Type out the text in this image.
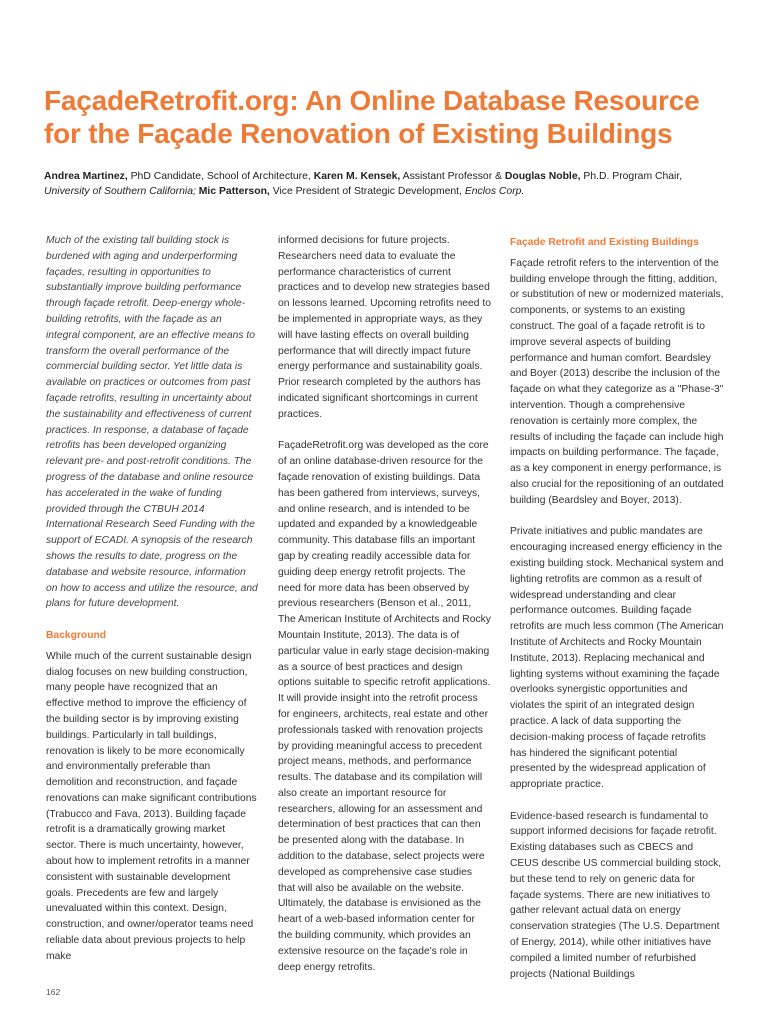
FaçadeRetrofit.org: An Online Database Resource for the Façade Renovation of Existing Buildings
Andrea Martinez, PhD Candidate, School of Architecture, Karen M. Kensek, Assistant Professor & Douglas Noble, Ph.D. Program Chair,
University of Southern California; Mic Patterson, Vice President of Strategic Development, Enclos Corp.

Much of the existing tall building stock is burdened with aging and underperforming façades, resulting in opportunities to substantially improve building performance through façade retrofit. Deep-energy whole-building retrofits, with the façade as an integral component, are an effective means to transform the overall performance of the commercial building sector. Yet little data is available on practices or outcomes from past façade retrofits, resulting in uncertainty about the sustainability and effectiveness of current practices. In response, a database of façade retrofits has been developed organizing relevant pre- and post-retrofit conditions. The progress of the database and online resource has accelerated in the wake of funding provided through the CTBUH 2014 International Research Seed Funding with the support of ECADI. A synopsis of the research shows the results to date, progress on the database and website resource, information on how to access and utilize the resource, and plans for future development.

Background

While much of the current sustainable design dialog focuses on new building construction, many people have recognized that an effective method to improve the efficiency of the building sector is by improving existing buildings. Particularly in tall buildings, renovation is likely to be more economically and environmentally preferable than demolition and reconstruction, and façade renovations can make significant contributions (Trabucco and Fava, 2013). Building façade retrofit is a dramatically growing market sector. There is much uncertainty, however, about how to implement retrofits in a manner consistent with sustainable development goals. Precedents are few and largely unevaluated within this context. Design, construction, and owner/operator teams need reliable data about previous projects to help make

informed decisions for future projects. Researchers need data to evaluate the performance characteristics of current practices and to develop new strategies based on lessons learned. Upcoming retrofits need to be implemented in appropriate ways, as they will have lasting effects on overall building performance that will directly impact future energy performance and sustainability goals. Prior research completed by the authors has indicated significant shortcomings in current practices.

FaçadeRetrofit.org was developed as the core of an online database-driven resource for the façade renovation of existing buildings. Data has been gathered from interviews, surveys, and online research, and is intended to be updated and expanded by a knowledgeable community. This database fills an important gap by creating readily accessible data for guiding deep energy retrofit projects. The need for more data has been observed by previous researchers (Benson et al., 2011, The American Institute of Architects and Rocky Mountain Institute, 2013). The data is of particular value in early stage decision-making as a source of best practices and design options suitable to specific retrofit applications. It will provide insight into the retrofit process for engineers, architects, real estate and other professionals tasked with renovation projects by providing meaningful access to precedent project means, methods, and performance results. The database and its compilation will also create an important resource for researchers, allowing for an assessment and determination of best practices that can then be presented along with the database. In addition to the database, select projects were developed as comprehensive case studies that will also be available on the website. Ultimately, the database is envisioned as the heart of a web-based information center for the building community, which provides an extensive resource on the façade's role in deep energy retrofits.

Façade Retrofit and Existing Buildings

Façade retrofit refers to the intervention of the building envelope through the fitting, addition, or substitution of new or modernized materials, components, or systems to an existing construct. The goal of a façade retrofit is to improve several aspects of building performance and human comfort. Beardsley and Boyer (2013) describe the inclusion of the façade on what they categorize as a "Phase-3" intervention. Though a comprehensive renovation is certainly more complex, the results of including the façade can include high impacts on building performance. The façade, as a key component in energy performance, is also crucial for the repositioning of an outdated building (Beardsley and Boyer, 2013).

Private initiatives and public mandates are encouraging increased energy efficiency in the existing building stock. Mechanical system and lighting retrofits are common as a result of widespread understanding and clear performance outcomes. Building façade retrofits are much less common (The American Institute of Architects and Rocky Mountain Institute, 2013). Replacing mechanical and lighting systems without examining the façade overlooks synergistic opportunities and violates the spirit of an integrated design practice. A lack of data supporting the decision-making process of façade retrofits has hindered the significant potential presented by the widespread application of appropriate practice.

Evidence-based research is fundamental to support informed decisions for façade retrofit. Existing databases such as CBECS and CEUS describe US commercial building stock, but these tend to rely on generic data for façade systems. There are new initiatives to gather relevant actual data on energy conservation strategies (The U.S. Department of Energy, 2014), while other initiatives have compiled a limited number of refurbished projects (National Buildings

162
